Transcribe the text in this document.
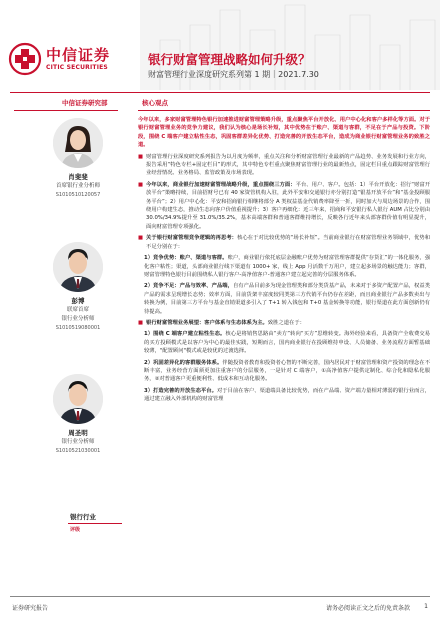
中信证券
CITIC SECURITIES
银行财富管理战略如何升级？
财富管理行业深度研究系列第 1 期｜2021.7.30
中信证券研究部
肖斐斐
首席银行业分析师
S1010510120057
彭博
联席首席
银行业分析师
S1010519080001
周圣明
银行业分析师
S1010521030001
银行行业
评级
核心观点

今年以来，多家财富管理特色银行加速推进财富管理策略升级，重点聚焦平台开放化、用户中心化和客户多样化等方面。对于银行财富管理业务的竞争力建议，我们认为核心是场长补短，其中优势在于账户、渠道与客群，不足在于产品与投资。下阶段，围绕 C 端客户建立粘性生态，巩固客群差异化优势、打造完善的开放生态平台，造成为商业银行财富管理业务的致胜之道。

■ 财富管理行业深度研究系列报告为以月度为频率，重点关注和分析财富管理行业最新的产品趋势、业务发展和行业方向，报告采用“特色专栏+固定栏目”的形式，其中特色专栏重点聚焦财富管理行业的最新热点，固定栏目重点跟踪财富管理行业经营情况、业务格局、监管政策及市场表现。
■ 今年以来，商业银行加速财富管理战略升级，重点围绕三方面：平台、用户、客户。包括：1）平台开放化：招行“财富开放平台”策略持续，目前招财号已有 40 家资管机构入驻，此外平安和交通银行亦分别打造“银基开放平台”和“基金投顾服务平台”；2）用户中心化：平安和招商银行相继将部分 A 类权益基金代销费率降至一折，同时加大与周边场景的合作，围绕用户构建生态，推动生态向客户价值重视提升；3）客户再细化：近三年来，招商和平安银行私人银行 AUM 占比分别由 30.0%/34.9%提升至 31.0%/35.2%，基本高端客群和普通客群维持增长，反映各行近年来头部客群价值有明显提升，面向财富管理专项强化。
■ 关于银行财富管理竞争逻辑的再思考：核心在于对比较优势的“场长补短”。当前商业银行在财富管理业务领域中，优势和不足分别在于：

1）竞争优势：账户、渠道与客群。账户，商业银行依托底层金融账户优势为财富管理客群提供“存货汇”的一体化服务，强化客户粘性；渠道，头部商业银行线下渠道有 1000+ 家，线上 App 月活数千万用户，建立起多场景的触达能力；客群，财富管理特色银行目前围绕私人银行客户-高净值客户-普通客户建立起完善的分层服务体系。

2）竞争不足：产品与效率、产品端，自有产品目前多为现金管理类和部分类货基产品，未来对于多资产配置产品，权益类产品的需求呈现增长态势；效率方面，目前货架丰富度较同类第三方代销平台仍存在差距，而且商业银行产品多数卖出与转换为例，目前第三方平台与基金直销渠道多引入了 T+1 转入钱包和 T+0 基金转换等功能，银行渠道在此方面创新仍有待提高。

■ 银行财富管理业务展望：客户体系与生态体系为主。致胜之道在于：

1）围绕 C 端客户建立粘性生态。核心是将销售思路由“卖方”转向“买方”思维转变。海外经验来看，具备资产全收费交易的买方投顾模式是以客户为中心的最佳实践，短期而言，国内商业银行在投顾维持申设、人员储备、业务流程方面暂基础较薄，"配置顾问"模式或是较优的过渡选择。

2）巩固差异化的客群服务体系。伴随投资者教育和投资者心智的不断完善，国内居民对于财富管理和资产投资的理念在不断丰富，业务经营方面须更加注重客户的分层服务，一是针对 C 端客户，①高净值客户提供定制化、综合化和隐私化服务，②对普通客户更重便利性、低成本和互动化服务。

3）打造完善的开放生态平台。对于目前在客户、渠道端具备比较优势，而在产品端、资产端力量相对薄弱的银行业而言，通过建立融入外部机构的财富管理

证券研究报告	请务必阅读正文之后的免责条款 1
